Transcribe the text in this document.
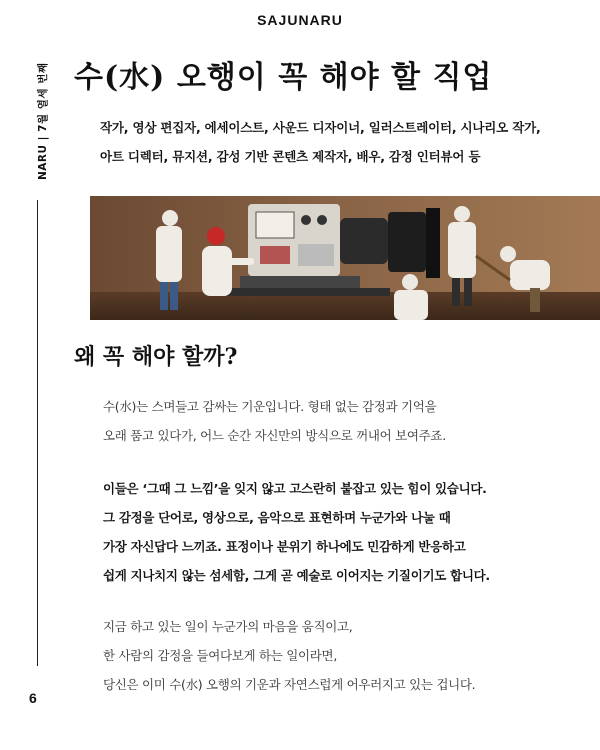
SAJUNARU
NARU | 7월 열세 번째
6
수(水) 오행이 꼭 해야 할 직업

작가, 영상 편집자, 에세이스트, 사운드 디자이너, 일러스트레이터, 시나리오 작가,
아트 디렉터, 뮤지션, 감성 기반 콘텐츠 제작자, 배우, 감정 인터뷰어 등

왜 꼭 해야 할까?

수(水)는 스며들고 감싸는 기운입니다. 형태 없는 감정과 기억을
오래 품고 있다가, 어느 순간 자신만의 방식으로 꺼내어 보여주죠.

이들은 ‘그때 그 느낌’을 잊지 않고 고스란히 붙잡고 있는 힘이 있습니다.
그 감정을 단어로, 영상으로, 음악으로 표현하며 누군가와 나눌 때
가장 자신답다 느끼죠. 표정이나 분위기 하나에도 민감하게 반응하고
쉽게 지나치지 않는 섬세함, 그게 곧 예술로 이어지는 기질이기도 합니다.

지금 하고 있는 일이 누군가의 마음을 움직이고,
한 사람의 감정을 들여다보게 하는 일이라면,
당신은 이미 수(水) 오행의 기운과 자연스럽게 어우러지고 있는 겁니다.
